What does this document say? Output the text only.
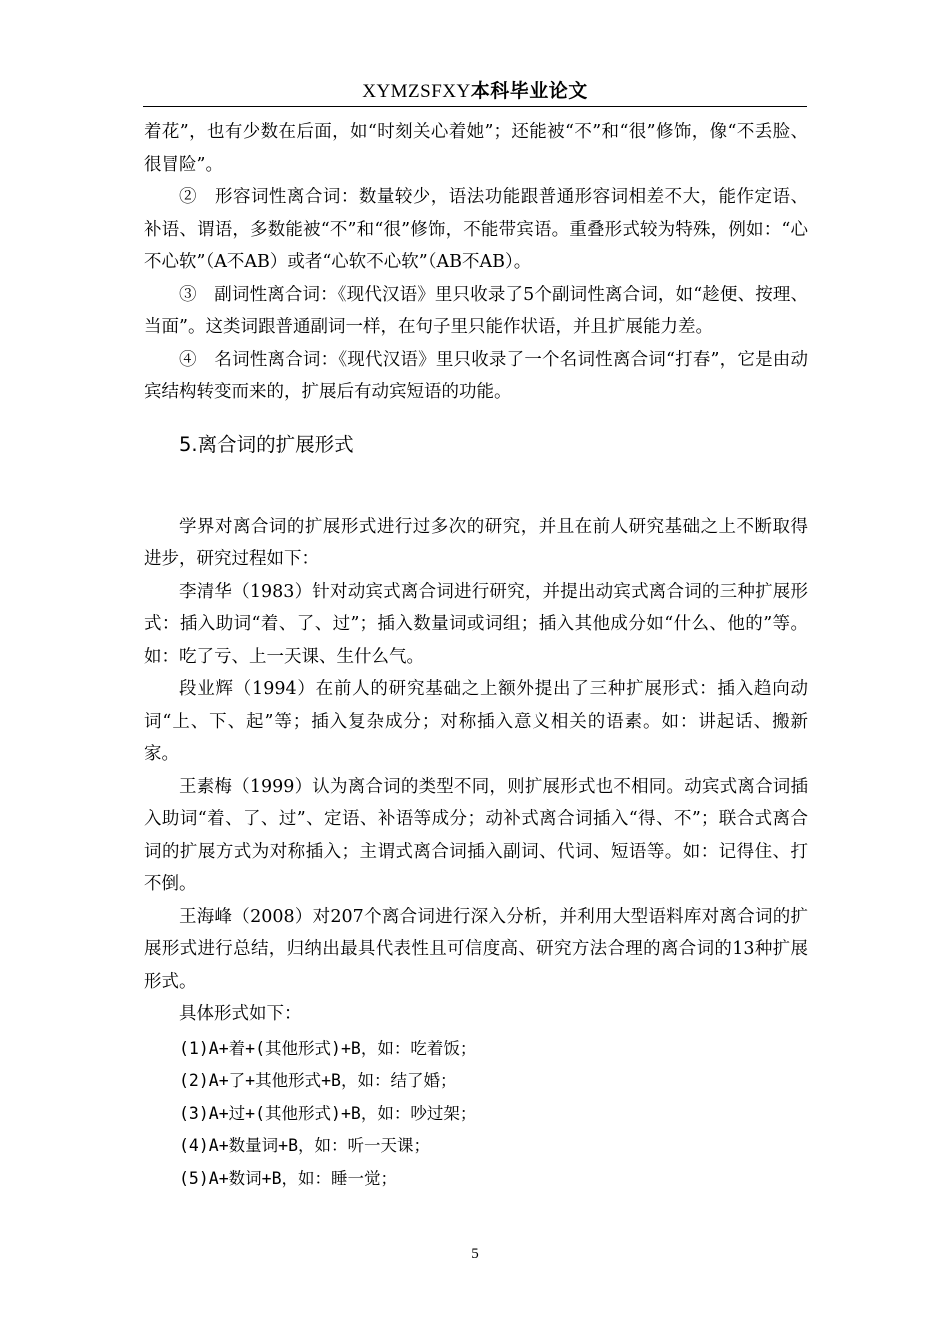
XYMZSFXY本科毕业论文

着花”，也有少数在后面，如“时刻关心着她”；还能被“不”和“很”修饰，像“不丢脸、很冒险”。

②　形容词性离合词：数量较少，语法功能跟普通形容词相差不大，能作定语、补语、谓语，多数能被“不”和“很”修饰，不能带宾语。重叠形式较为特殊，例如：“心不心软”（A不AB）或者“心软不心软”（AB不AB）。

③　副词性离合词：《现代汉语》里只收录了5个副词性离合词，如“趁便、按理、当面”。这类词跟普通副词一样，在句子里只能作状语，并且扩展能力差。

④　名词性离合词：《现代汉语》里只收录了一个名词性离合词“打春”，它是由动宾结构转变而来的，扩展后有动宾短语的功能。

5.离合词的扩展形式

学界对离合词的扩展形式进行过多次的研究，并且在前人研究基础之上不断取得进步，研究过程如下：

李清华（1983）针对动宾式离合词进行研究，并提出动宾式离合词的三种扩展形式：插入助词“着、了、过”；插入数量词或词组；插入其他成分如“什么、他的”等。如：吃了亏、上一天课、生什么气。

段业辉（1994）在前人的研究基础之上额外提出了三种扩展形式：插入趋向动词“上、下、起”等；插入复杂成分；对称插入意义相关的语素。如：讲起话、搬新家。

王素梅（1999）认为离合词的类型不同，则扩展形式也不相同。动宾式离合词插入助词“着、了、过”、定语、补语等成分；动补式离合词插入“得、不”；联合式离合词的扩展方式为对称插入；主谓式离合词插入副词、代词、短语等。如：记得住、打不倒。

王海峰（2008）对207个离合词进行深入分析，并利用大型语料库对离合词的扩展形式进行总结，归纳出最具代表性且可信度高、研究方法合理的离合词的13种扩展形式。

具体形式如下：

(1)A+着+(其他形式)+B，如：吃着饭；

(2)A+了+其他形式+B，如：结了婚；

(3)A+过+(其他形式)+B，如：吵过架；

(4)A+数量词+B，如：听一天课；

(5)A+数词+B，如：睡一觉；

5
